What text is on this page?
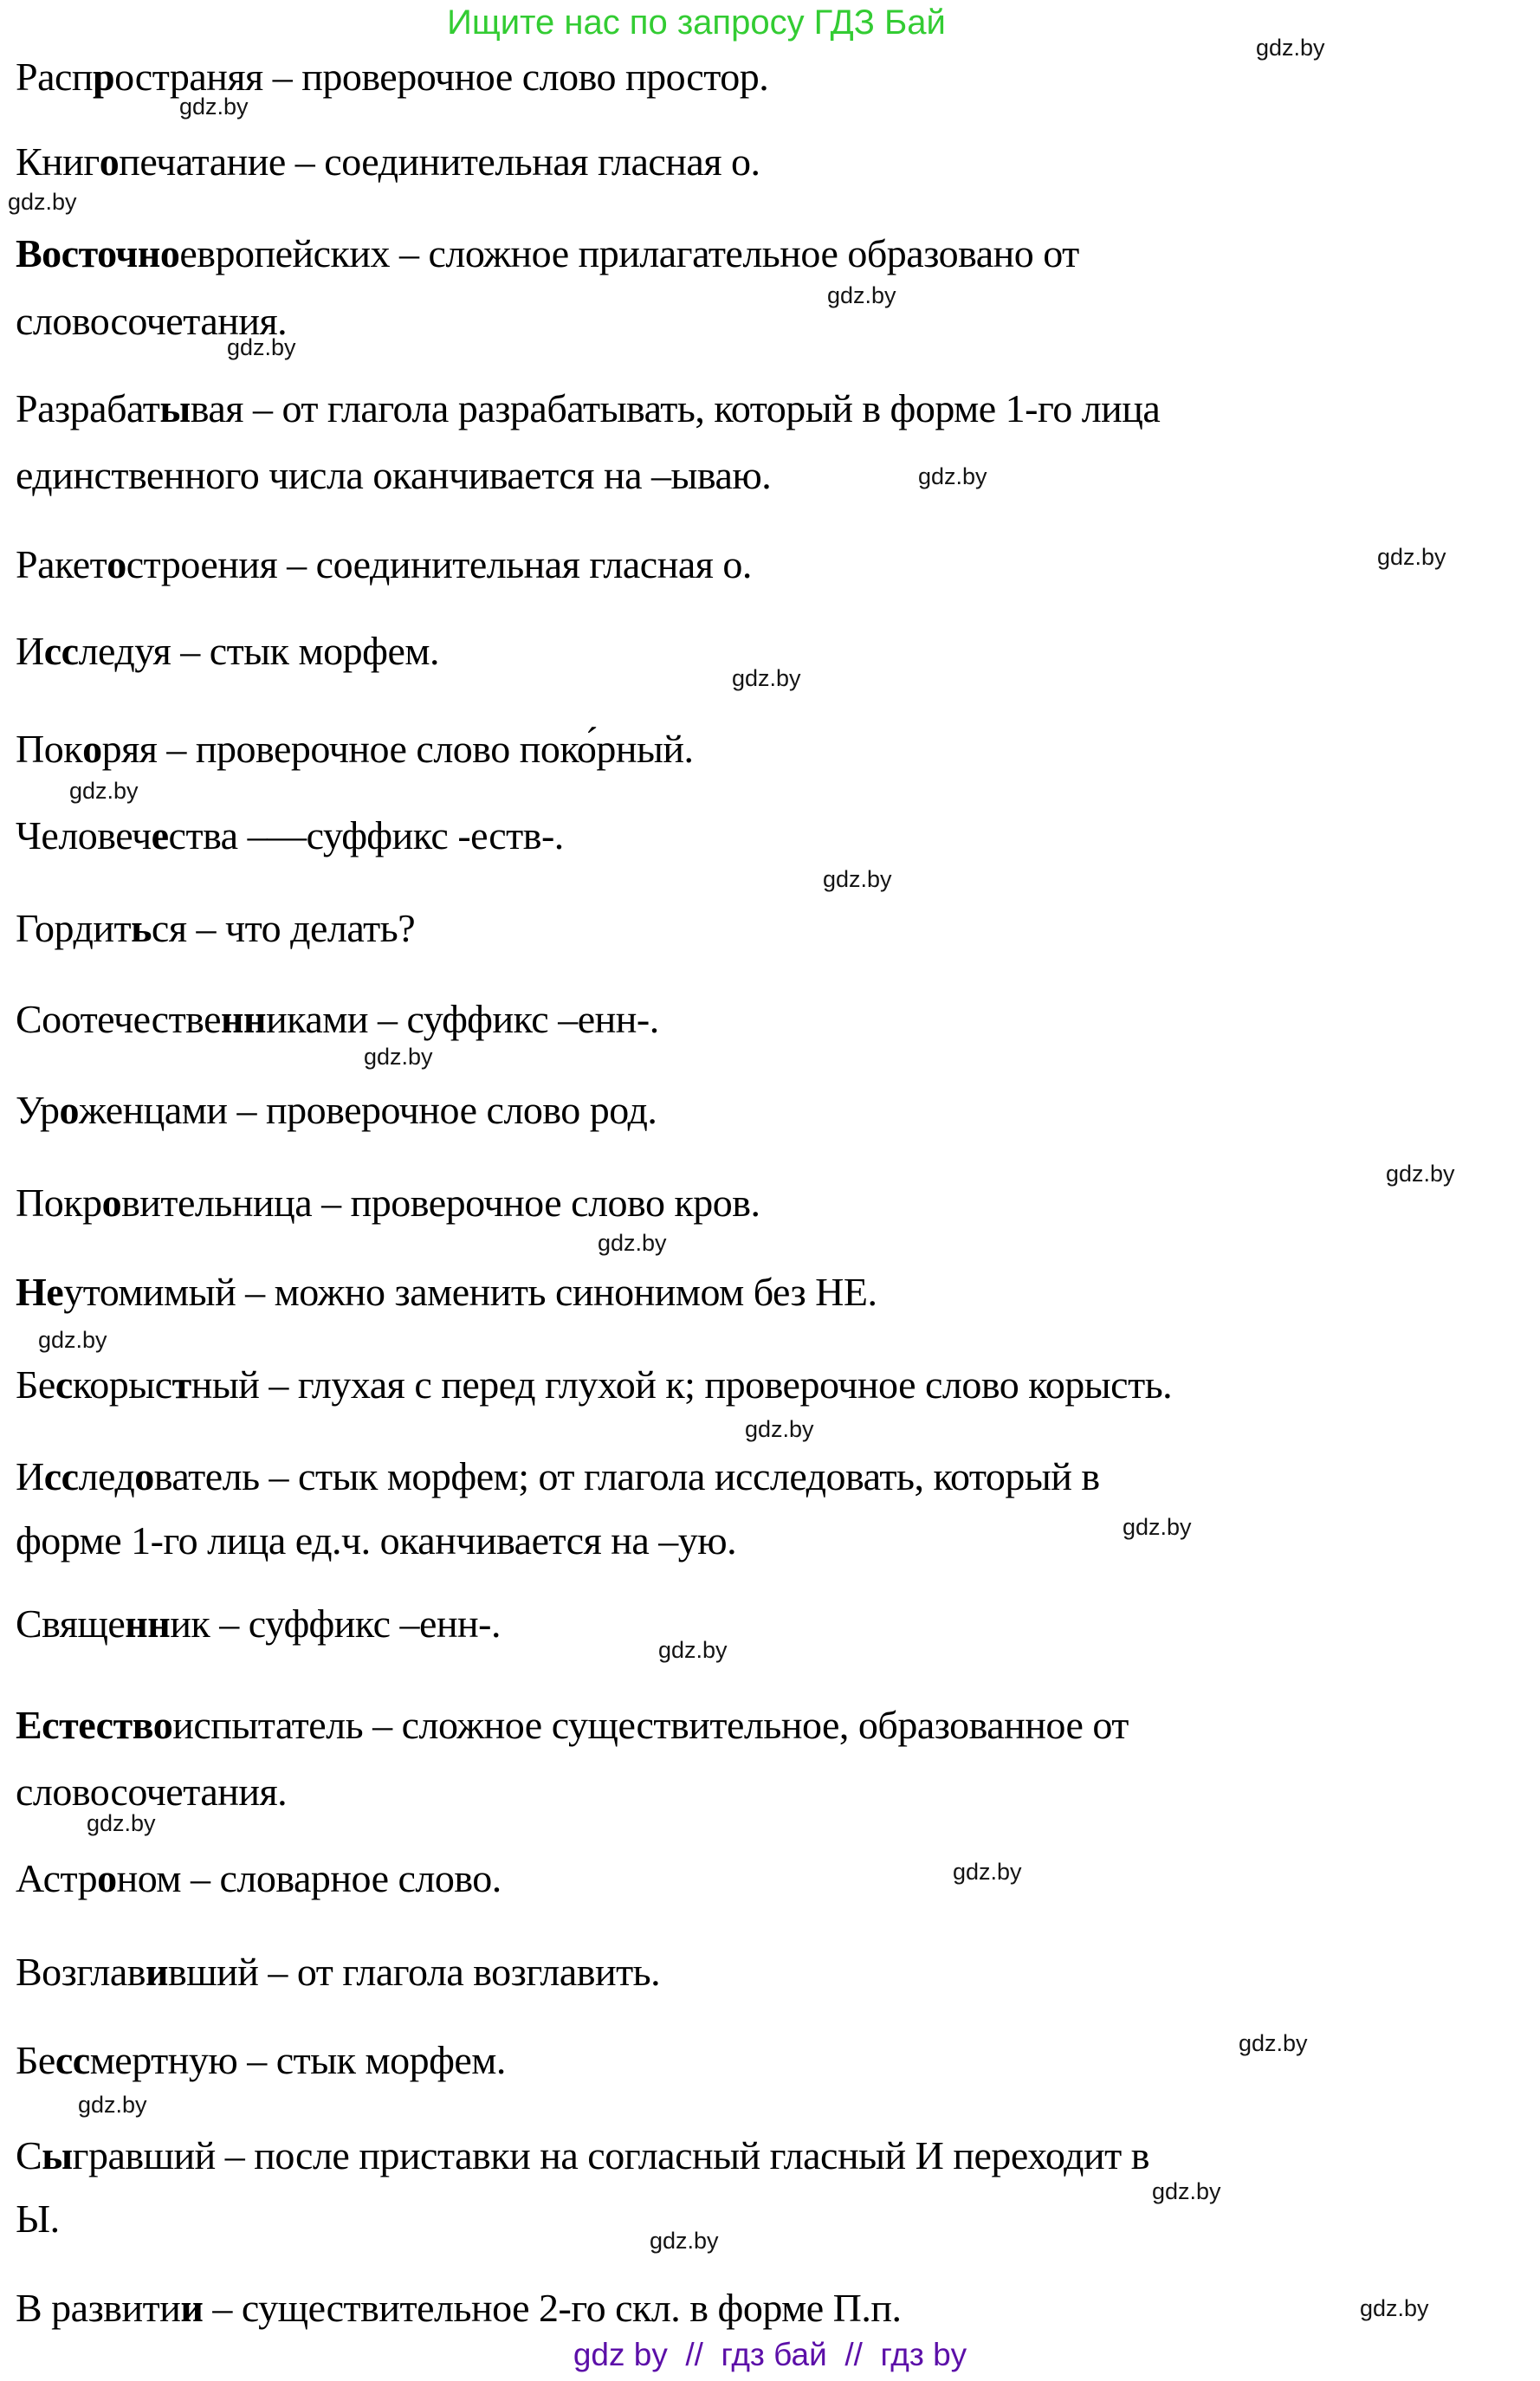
Ищите нас по запросу ГДЗ Бай
Распространяя – проверочное слово простор.
Книгопечатание – соединительная гласная о.
Восточноевропейских – сложное прилагательное образовано от
словосочетания.
Разрабатывая – от глагола разрабатывать, который в форме 1-го лица
единственного числа оканчивается на –ываю.
Ракетостроения – соединительная гласная о.
Исследуя – стык морфем.
Покоряя – проверочное слово поко́рный.
Человечества –—суффикс -еств-.
Гордиться – что делать?
Соотечественниками – суффикс –енн-.
Уроженцами – проверочное слово род.
Покровительница – проверочное слово кров.
Неутомимый – можно заменить синонимом без НЕ.
Бескорыстный – глухая с перед глухой к; проверочное слово корысть.
Исследователь – стык морфем; от глагола исследовать, который в
форме 1-го лица ед.ч. оканчивается на –ую.
Священник – суффикс –енн-.
Естествоиспытатель – сложное существительное, образованное от
словосочетания.
Астроном – словарное слово.
Возглавивший – от глагола возглавить.
Бессмертную – стык морфем.
Сыгравший – после приставки на согласный гласный И переходит в
Ы.
В развитии – существительное 2-го скл. в форме П.п.
gdz.by
gdz.by
gdz.by
gdz.by
gdz.by
gdz.by
gdz.by
gdz.by
gdz.by
gdz.by
gdz.by
gdz.by
gdz.by
gdz.by
gdz.by
gdz.by
gdz.by
gdz.by
gdz.by
gdz.by
gdz.by
gdz.by
gdz.by
gdz.by
gdz by  //  гдз бай  //  гдз by
